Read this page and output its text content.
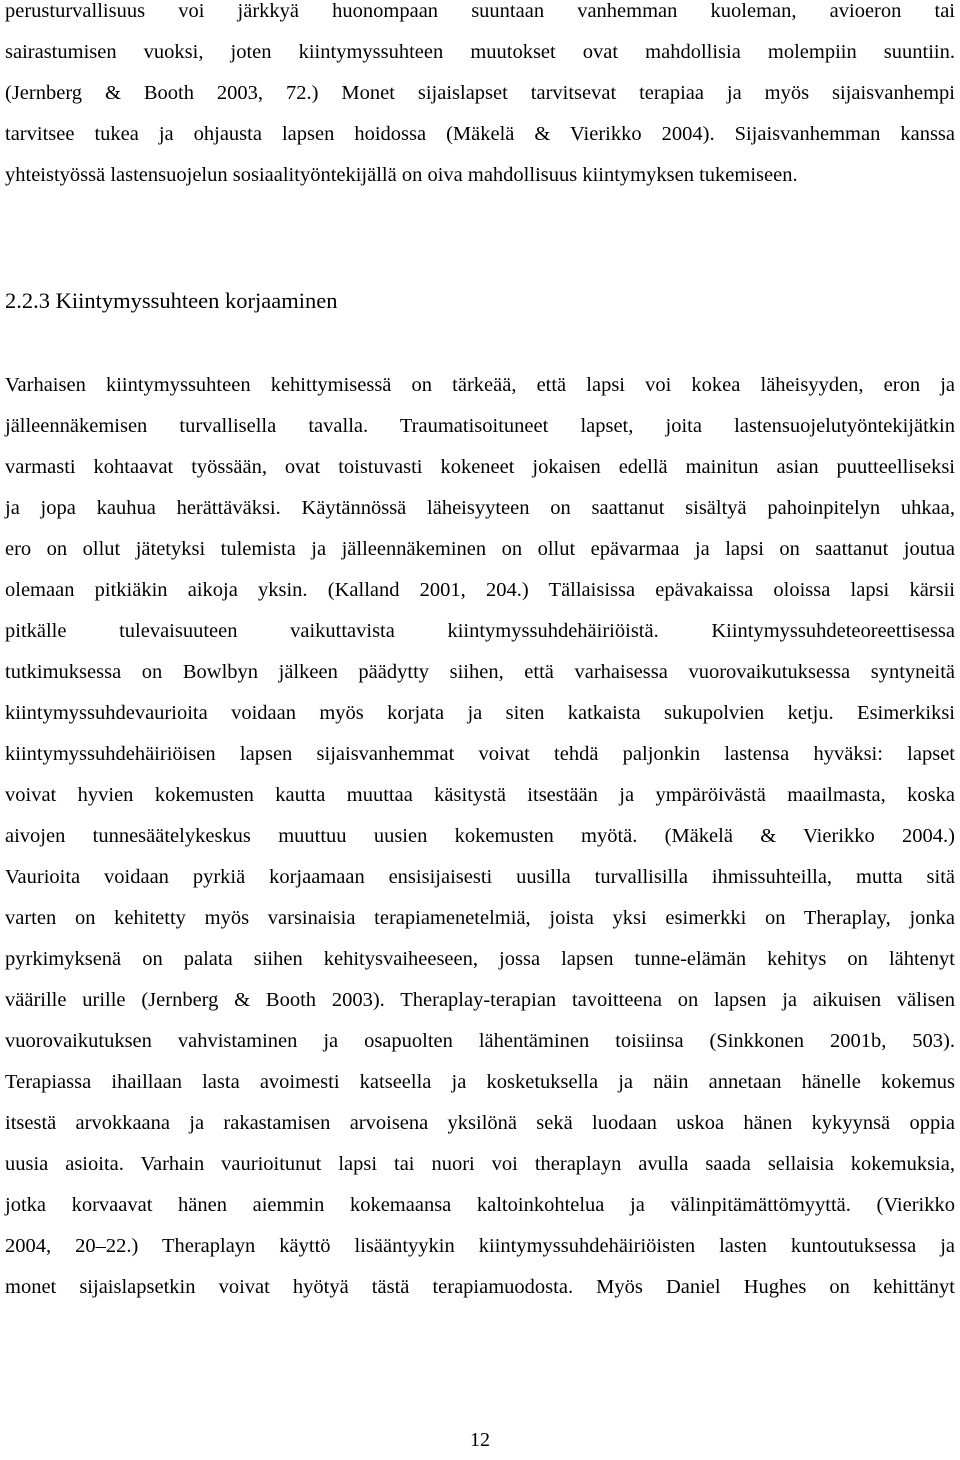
perusturvallisuus voi järkkyä huonompaan suuntaan vanhemman kuoleman, avioeron tai
sairastumisen vuoksi, joten kiintymyssuhteen muutokset ovat mahdollisia molempiin suuntiin.
(Jernberg & Booth 2003, 72.) Monet sijaislapset tarvitsevat terapiaa ja myös sijaisvanhempi
tarvitsee tukea ja ohjausta lapsen hoidossa (Mäkelä & Vierikko 2004). Sijaisvanhemman kanssa
yhteistyössä lastensuojelun sosiaalityöntekijällä on oiva mahdollisuus kiintymyksen tukemiseen.
2.2.3 Kiintymyssuhteen korjaaminen
Varhaisen kiintymyssuhteen kehittymisessä on tärkeää, että lapsi voi kokea läheisyyden, eron ja
jälleennäkemisen turvallisella tavalla. Traumatisoituneet lapset, joita lastensuojelutyöntekijätkin
varmasti kohtaavat työssään, ovat toistuvasti kokeneet jokaisen edellä mainitun asian puutteelliseksi
ja jopa kauhua herättäväksi. Käytännössä läheisyyteen on saattanut sisältyä pahoinpitelyn uhkaa,
ero on ollut jätetyksi tulemista ja jälleennäkeminen on ollut epävarmaa ja lapsi on saattanut joutua
olemaan pitkiäkin aikoja yksin. (Kalland 2001, 204.) Tällaisissa epävakaissa oloissa lapsi kärsii
pitkälle tulevaisuuteen vaikuttavista kiintymyssuhdehäiriöistä. Kiintymyssuhdeteoreettisessa
tutkimuksessa on Bowlbyn jälkeen päädytty siihen, että varhaisessa vuorovaikutuksessa syntyneitä
kiintymyssuhdevaurioita voidaan myös korjata ja siten katkaista sukupolvien ketju. Esimerkiksi
kiintymyssuhdehäiriöisen lapsen sijaisvanhemmat voivat tehdä paljonkin lastensa hyväksi: lapset
voivat hyvien kokemusten kautta muuttaa käsitystä itsestään ja ympäröivästä maailmasta, koska
aivojen tunnesäätelykeskus muuttuu uusien kokemusten myötä. (Mäkelä & Vierikko 2004.)
Vaurioita voidaan pyrkiä korjaamaan ensisijaisesti uusilla turvallisilla ihmissuhteilla, mutta sitä
varten on kehitetty myös varsinaisia terapiamenetelmiä, joista yksi esimerkki on Theraplay, jonka
pyrkimyksenä on palata siihen kehitysvaiheeseen, jossa lapsen tunne-elämän kehitys on lähtenyt
väärille urille (Jernberg & Booth 2003). Theraplay-terapian tavoitteena on lapsen ja aikuisen välisen
vuorovaikutuksen vahvistaminen ja osapuolten lähentäminen toisiinsa (Sinkkonen 2001b, 503).
Terapiassa ihaillaan lasta avoimesti katseella ja kosketuksella ja näin annetaan hänelle kokemus
itsestä arvokkaana ja rakastamisen arvoisena yksilönä sekä luodaan uskoa hänen kykyynsä oppia
uusia asioita. Varhain vaurioitunut lapsi tai nuori voi theraplayn avulla saada sellaisia kokemuksia,
jotka korvaavat hänen aiemmin kokemaansa kaltoinkohtelua ja välinpitämättömyyttä. (Vierikko
2004, 20‒22.) Theraplayn käyttö lisääntyykin kiintymyssuhdehäiriöisten lasten kuntoutuksessa ja
monet sijaislapsetkin voivat hyötyä tästä terapiamuodosta. Myös Daniel Hughes on kehittänyt
12
